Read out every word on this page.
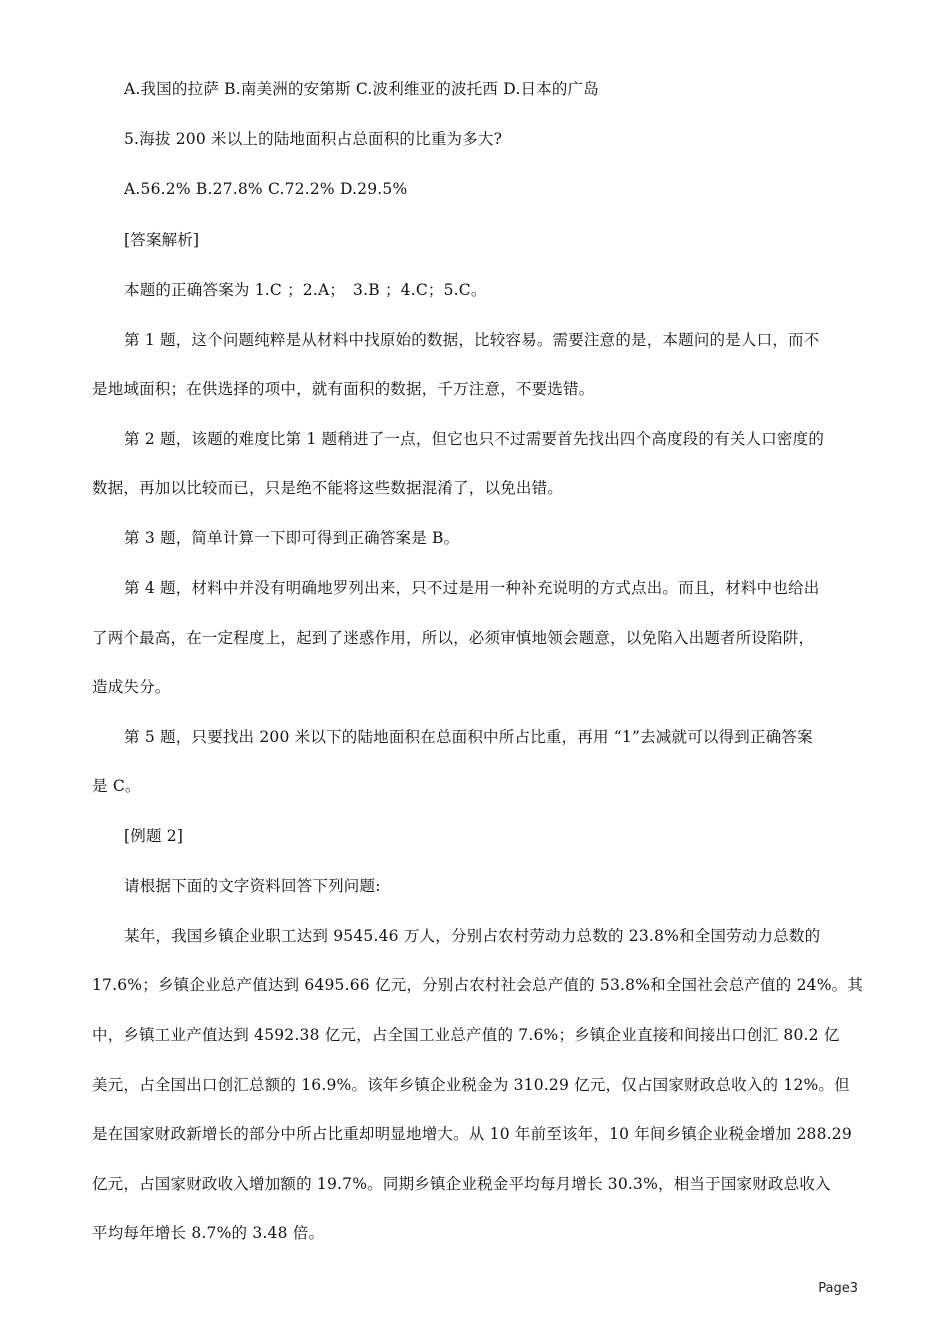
A.我国的拉萨 B.南美洲的安第斯 C.波利维亚的波托西 D.日本的广岛
5.海拔 200 米以上的陆地面积占总面积的比重为多大?
A.56.2% B.27.8% C.72.2% D.29.5%
[答案解析]
本题的正确答案为 1.C ；2.A；　3.B ；4.C；5.C。
第 1 题，这个问题纯粹是从材料中找原始的数据，比较容易。需要注意的是，本题问的是人口，而不
是地域面积；在供选择的项中，就有面积的数据，千万注意，不要选错。
第 2 题，该题的难度比第 1 题稍进了一点，但它也只不过需要首先找出四个高度段的有关人口密度的
数据，再加以比较而已，只是绝不能将这些数据混淆了，以免出错。
第 3 题，简单计算一下即可得到正确答案是 B。
第 4 题，材料中并没有明确地罗列出来，只不过是用一种补充说明的方式点出。而且，材料中也给出
了两个最高，在一定程度上，起到了迷惑作用，所以，必须审慎地领会题意，以免陷入出题者所设陷阱，
造成失分。
第 5 题，只要找出 200 米以下的陆地面积在总面积中所占比重，再用 “1”去减就可以得到正确答案
是 C。
[例题 2]
请根据下面的文字资料回答下列问题:
某年，我国乡镇企业职工达到 9545.46 万人，分别占农村劳动力总数的 23.8%和全国劳动力总数的
17.6%；乡镇企业总产值达到 6495.66 亿元，分别占农村社会总产值的 53.8%和全国社会总产值的 24%。其
中，乡镇工业产值达到 4592.38 亿元，占全国工业总产值的 7.6%；乡镇企业直接和间接出口创汇 80.2 亿
美元，占全国出口创汇总额的 16.9%。该年乡镇企业税金为 310.29 亿元，仅占国家财政总收入的 12%。但
是在国家财政新增长的部分中所占比重却明显地增大。从 10 年前至该年，10 年间乡镇企业税金增加 288.29
亿元，占国家财政收入增加额的 19.7%。同期乡镇企业税金平均每月增长 30.3%，相当于国家财政总收入
平均每年增长 8.7%的 3.48 倍。
Page3
